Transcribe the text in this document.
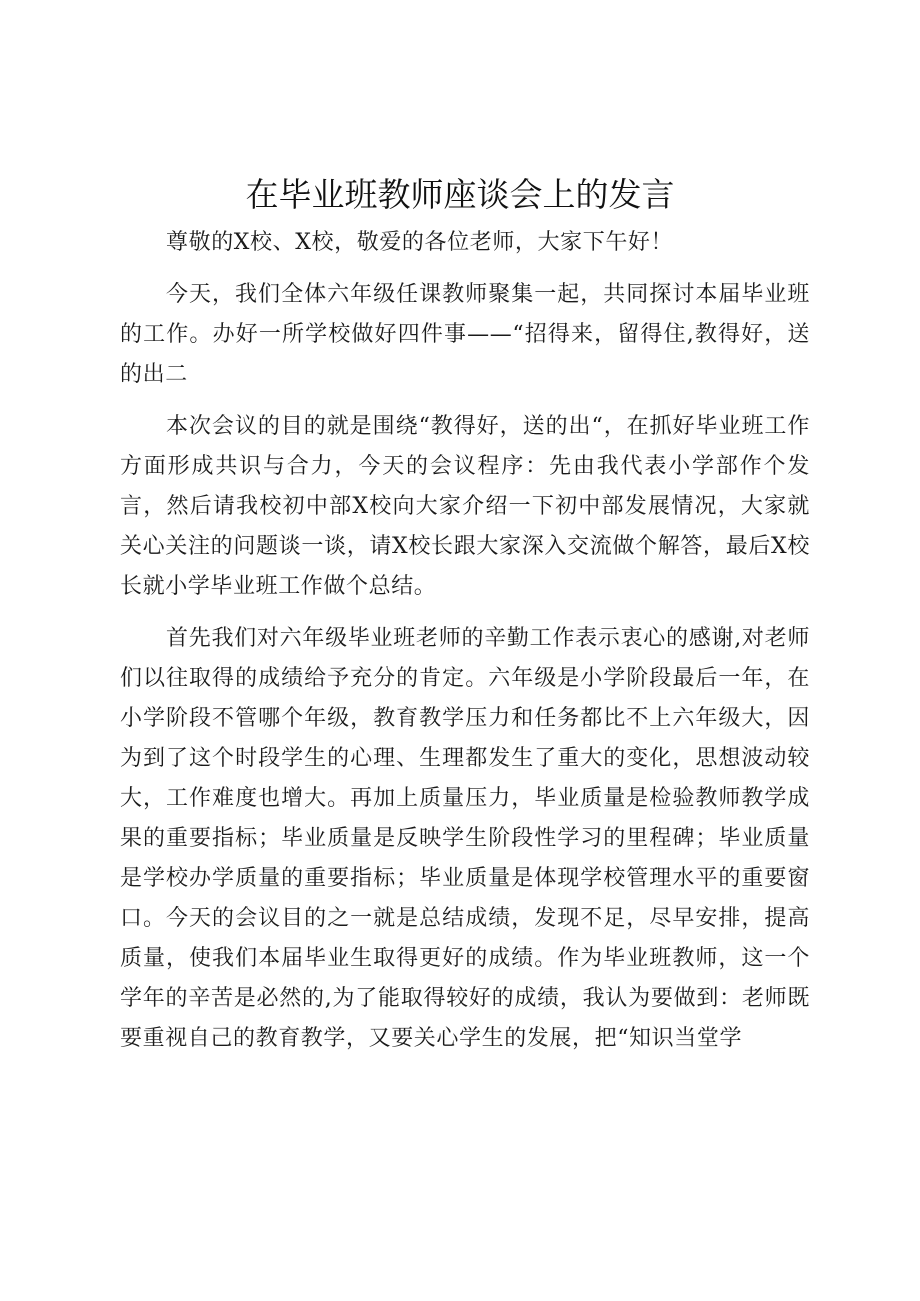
在毕业班教师座谈会上的发言

尊敬的X校、X校，敬爱的各位老师，大家下午好！

今天，我们全体六年级任课教师聚集一起，共同探讨本届毕业班的工作。办好一所学校做好四件事——“招得来，留得住,教得好，送的出二

本次会议的目的就是围绕“教得好，送的出“，在抓好毕业班工作方面形成共识与合力，今天的会议程序：先由我代表小学部作个发言，然后请我校初中部X校向大家介绍一下初中部发展情况，大家就关心关注的问题谈一谈，请X校长跟大家深入交流做个解答，最后X校长就小学毕业班工作做个总结。

首先我们对六年级毕业班老师的辛勤工作表示衷心的感谢,对老师们以往取得的成绩给予充分的肯定。六年级是小学阶段最后一年，在小学阶段不管哪个年级，教育教学压力和任务都比不上六年级大，因为到了这个时段学生的心理、生理都发生了重大的变化，思想波动较大，工作难度也增大。再加上质量压力，毕业质量是检验教师教学成果的重要指标；毕业质量是反映学生阶段性学习的里程碑；毕业质量是学校办学质量的重要指标；毕业质量是体现学校管理水平的重要窗口。今天的会议目的之一就是总结成绩，发现不足，尽早安排，提高质量，使我们本届毕业生取得更好的成绩。作为毕业班教师，这一个学年的辛苦是必然的,为了能取得较好的成绩，我认为要做到：老师既要重视自己的教育教学，又要关心学生的发展，把“知识当堂学
